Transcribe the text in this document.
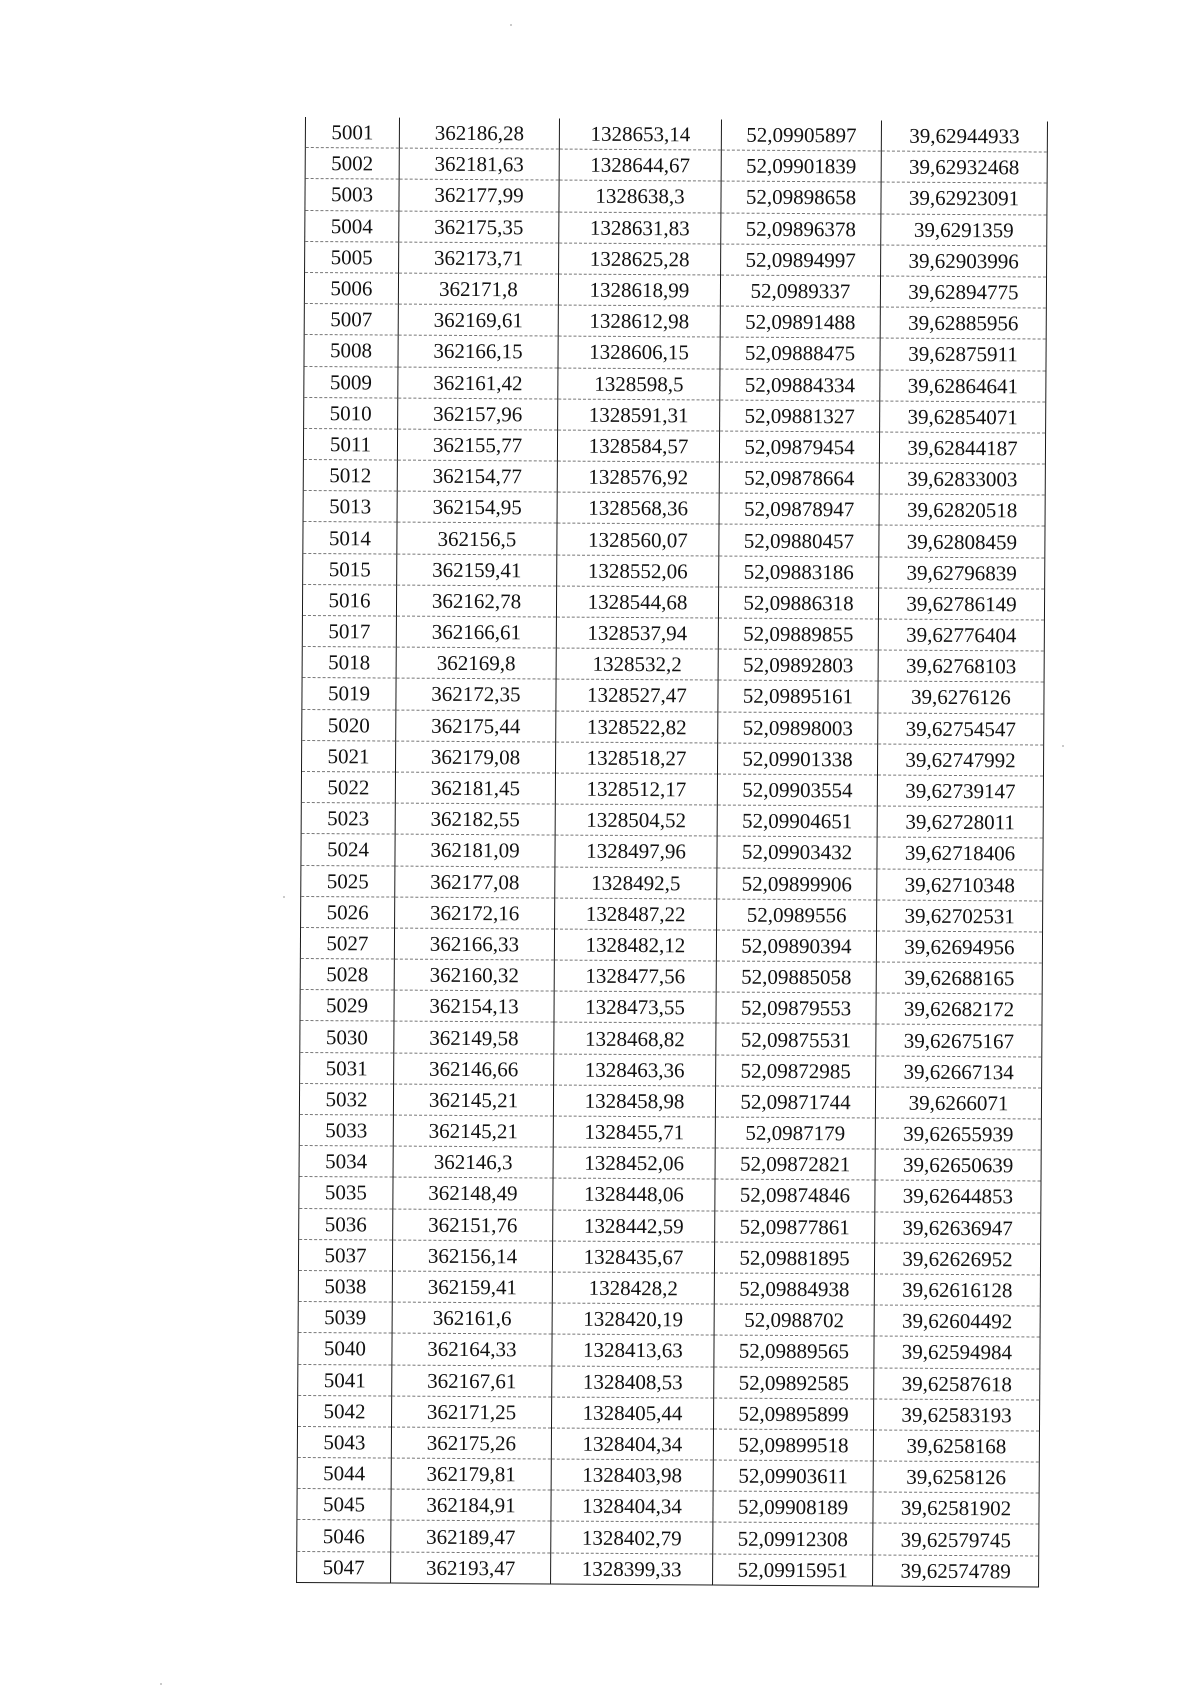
5001	362186,28	1328653,14	52,09905897	39,62944933
5002	362181,63	1328644,67	52,09901839	39,62932468
5003	362177,99	1328638,3	52,09898658	39,62923091
5004	362175,35	1328631,83	52,09896378	39,6291359
5005	362173,71	1328625,28	52,09894997	39,62903996
5006	362171,8	1328618,99	52,0989337	39,62894775
5007	362169,61	1328612,98	52,09891488	39,62885956
5008	362166,15	1328606,15	52,09888475	39,62875911
5009	362161,42	1328598,5	52,09884334	39,62864641
5010	362157,96	1328591,31	52,09881327	39,62854071
5011	362155,77	1328584,57	52,09879454	39,62844187
5012	362154,77	1328576,92	52,09878664	39,62833003
5013	362154,95	1328568,36	52,09878947	39,62820518
5014	362156,5	1328560,07	52,09880457	39,62808459
5015	362159,41	1328552,06	52,09883186	39,62796839
5016	362162,78	1328544,68	52,09886318	39,62786149
5017	362166,61	1328537,94	52,09889855	39,62776404
5018	362169,8	1328532,2	52,09892803	39,62768103
5019	362172,35	1328527,47	52,09895161	39,6276126
5020	362175,44	1328522,82	52,09898003	39,62754547
5021	362179,08	1328518,27	52,09901338	39,62747992
5022	362181,45	1328512,17	52,09903554	39,62739147
5023	362182,55	1328504,52	52,09904651	39,62728011
5024	362181,09	1328497,96	52,09903432	39,62718406
5025	362177,08	1328492,5	52,09899906	39,62710348
5026	362172,16	1328487,22	52,0989556	39,62702531
5027	362166,33	1328482,12	52,09890394	39,62694956
5028	362160,32	1328477,56	52,09885058	39,62688165
5029	362154,13	1328473,55	52,09879553	39,62682172
5030	362149,58	1328468,82	52,09875531	39,62675167
5031	362146,66	1328463,36	52,09872985	39,62667134
5032	362145,21	1328458,98	52,09871744	39,6266071
5033	362145,21	1328455,71	52,0987179	39,62655939
5034	362146,3	1328452,06	52,09872821	39,62650639
5035	362148,49	1328448,06	52,09874846	39,62644853
5036	362151,76	1328442,59	52,09877861	39,62636947
5037	362156,14	1328435,67	52,09881895	39,62626952
5038	362159,41	1328428,2	52,09884938	39,62616128
5039	362161,6	1328420,19	52,0988702	39,62604492
5040	362164,33	1328413,63	52,09889565	39,62594984
5041	362167,61	1328408,53	52,09892585	39,62587618
5042	362171,25	1328405,44	52,09895899	39,62583193
5043	362175,26	1328404,34	52,09899518	39,6258168
5044	362179,81	1328403,98	52,09903611	39,6258126
5045	362184,91	1328404,34	52,09908189	39,62581902
5046	362189,47	1328402,79	52,09912308	39,62579745
5047	362193,47	1328399,33	52,09915951	39,62574789
